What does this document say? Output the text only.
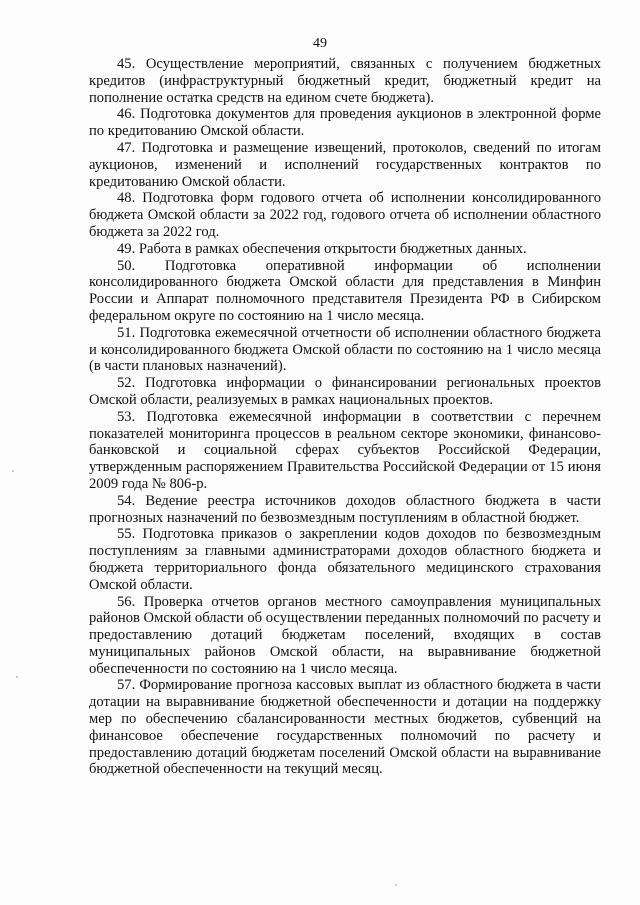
49

45. Осуществление мероприятий, связанных с получением бюджетных кредитов (инфраструктурный бюджетный кредит, бюджетный кредит на пополнение остатка средств на едином счете бюджета).

46. Подготовка документов для проведения аукционов в электронной форме по кредитованию Омской области.

47. Подготовка и размещение извещений, протоколов, сведений по итогам аукционов, изменений и исполнений государственных контрактов по кредитованию Омской области.

48. Подготовка форм годового отчета об исполнении консолидированного бюджета Омской области за 2022 год, годового отчета об исполнении областного бюджета за 2022 год.

49. Работа в рамках обеспечения открытости бюджетных данных.

50. Подготовка оперативной информации об исполнении консолидированного бюджета Омской области для представления в Минфин России и Аппарат полномочного представителя Президента РФ в Сибирском федеральном округе по состоянию на 1 число месяца.

51. Подготовка ежемесячной отчетности об исполнении областного бюджета и консолидированного бюджета Омской области по состоянию на 1 число месяца (в части плановых назначений).

52. Подготовка информации о финансировании региональных проектов Омской области, реализуемых в рамках национальных проектов.

53. Подготовка ежемесячной информации в соответствии с перечнем показателей мониторинга процессов в реальном секторе экономики, финансово-банковской и социальной сферах субъектов Российской Федерации, утвержденным распоряжением Правительства Российской Федерации от 15 июня 2009 года № 806-р.

54. Ведение реестра источников доходов областного бюджета в части прогнозных назначений по безвозмездным поступлениям в областной бюджет.

55. Подготовка приказов о закреплении кодов доходов по безвозмездным поступлениям за главными администраторами доходов областного бюджета и бюджета территориального фонда обязательного медицинского страхования Омской области.

56. Проверка отчетов органов местного самоуправления муниципальных районов Омской области об осуществлении переданных полномочий по расчету и предоставлению дотаций бюджетам поселений, входящих в состав муниципальных районов Омской области, на выравнивание бюджетной обеспеченности по состоянию на 1 число месяца.

57. Формирование прогноза кассовых выплат из областного бюджета в части дотации на выравнивание бюджетной обеспеченности и дотации на поддержку мер по обеспечению сбалансированности местных бюджетов, субвенций на финансовое обеспечение государственных полномочий по расчету и предоставлению дотаций бюджетам поселений Омской области на выравнивание бюджетной обеспеченности на текущий месяц.
